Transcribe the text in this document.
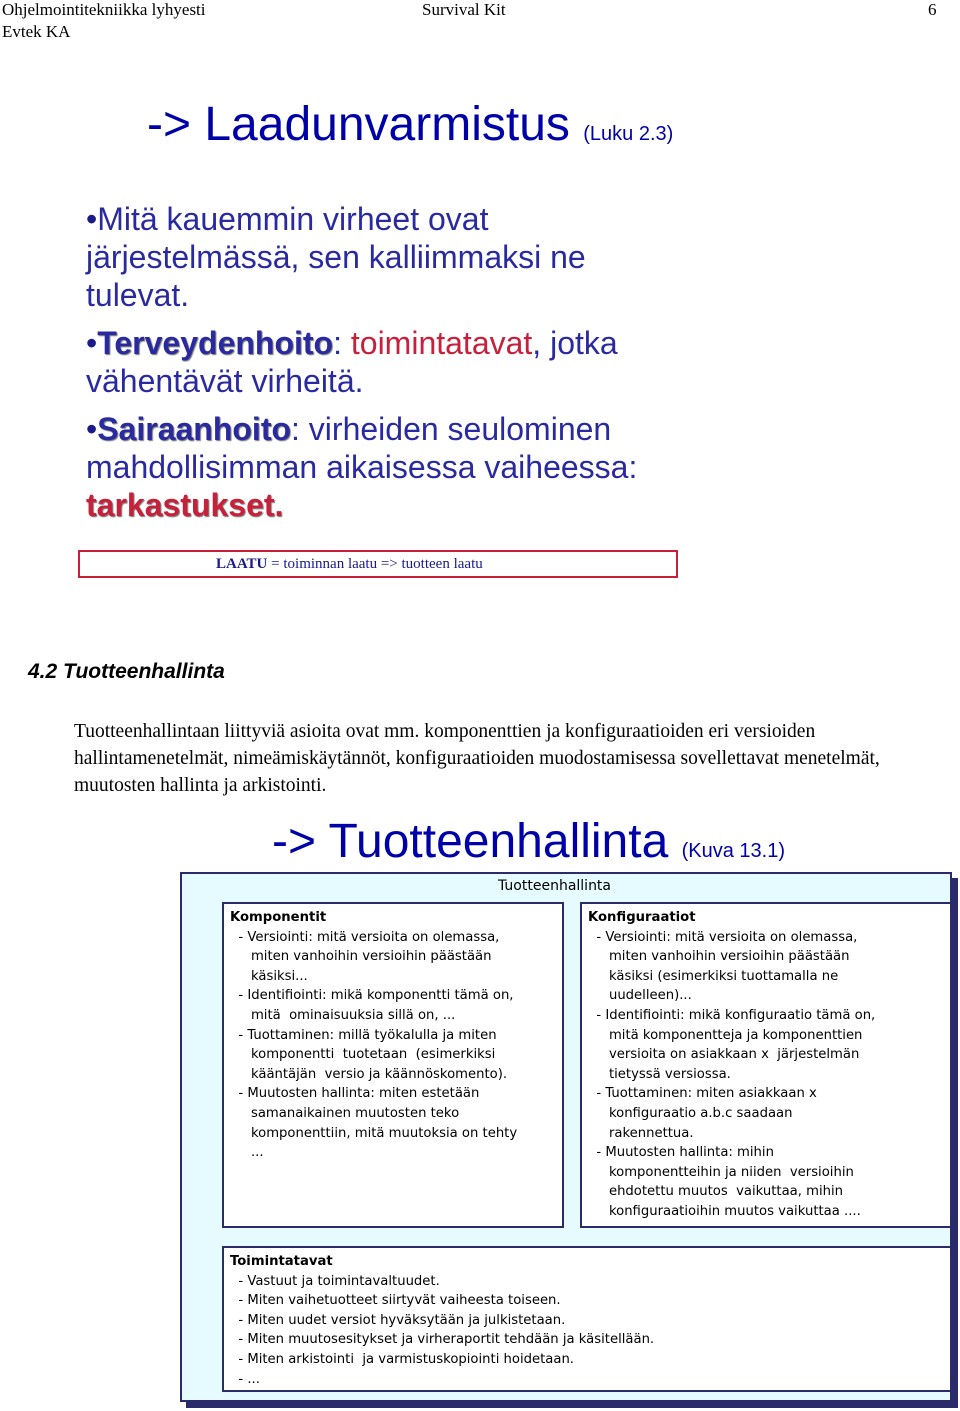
Ohjelmointitekniikka lyhyesti
Evtek KA
Survival Kit	6
-> Laadunvarmistus (Luku 2.3)
•Mitä kauemmin virheet ovat järjestelmässä, sen kalliimmaksi ne tulevat.
•Terveydenhoito: toimintatavat, jotka vähentävät virheitä.
•Sairaanhoito: virheiden seulominen mahdollisimman aikaisessa vaiheessa: tarkastukset.
LAATU = toiminnan laatu => tuotteen laatu
4.2 Tuotteenhallinta
Tuotteenhallintaan liittyviä asioita ovat mm. komponenttien ja konfiguraatioiden eri versioiden hallintamenetelmät, nimeämiskäytännöt, konfiguraatioiden muodostamisessa sovellettavat menetelmät, muutosten hallinta ja arkistointi.
-> Tuotteenhallinta (Kuva 13.1)
Tuotteenhallinta
Komponentit
- Versiointi: mitä versioita on olemassa,
miten vanhoihin versioihin päästään
käsiksi...
- Identifiointi: mikä komponentti tämä on,
mitä  ominaisuuksia sillä on, ...
- Tuottaminen: millä työkalulla ja miten
komponentti  tuotetaan  (esimerkiksi
kääntäjän  versio ja käännöskomento).
- Muutosten hallinta: miten estetään
samanaikainen muutosten teko
komponenttiin, mitä muutoksia on tehty
...
Konfiguraatiot
- Versiointi: mitä versioita on olemassa,
miten vanhoihin versioihin päästään
käsiksi (esimerkiksi tuottamalla ne
uudelleen)...
- Identifiointi: mikä konfiguraatio tämä on,
mitä komponentteja ja komponenttien
versioita on asiakkaan x  järjestelmän
tietyssä versiossa.
- Tuottaminen: miten asiakkaan x
konfiguraatio a.b.c saadaan
rakennettua.
- Muutosten hallinta: mihin
komponentteihin ja niiden  versioihin
ehdotettu muutos  vaikuttaa, mihin
konfiguraatioihin muutos vaikuttaa ....
Toimintatavat
- Vastuut ja toimintavaltuudet.
- Miten vaihetuotteet siirtyvät vaiheesta toiseen.
- Miten uudet versiot hyväksytään ja julkistetaan.
- Miten muutosesitykset ja virheraportit tehdään ja käsitellään.
- Miten arkistointi  ja varmistuskopiointi hoidetaan.
- ...
